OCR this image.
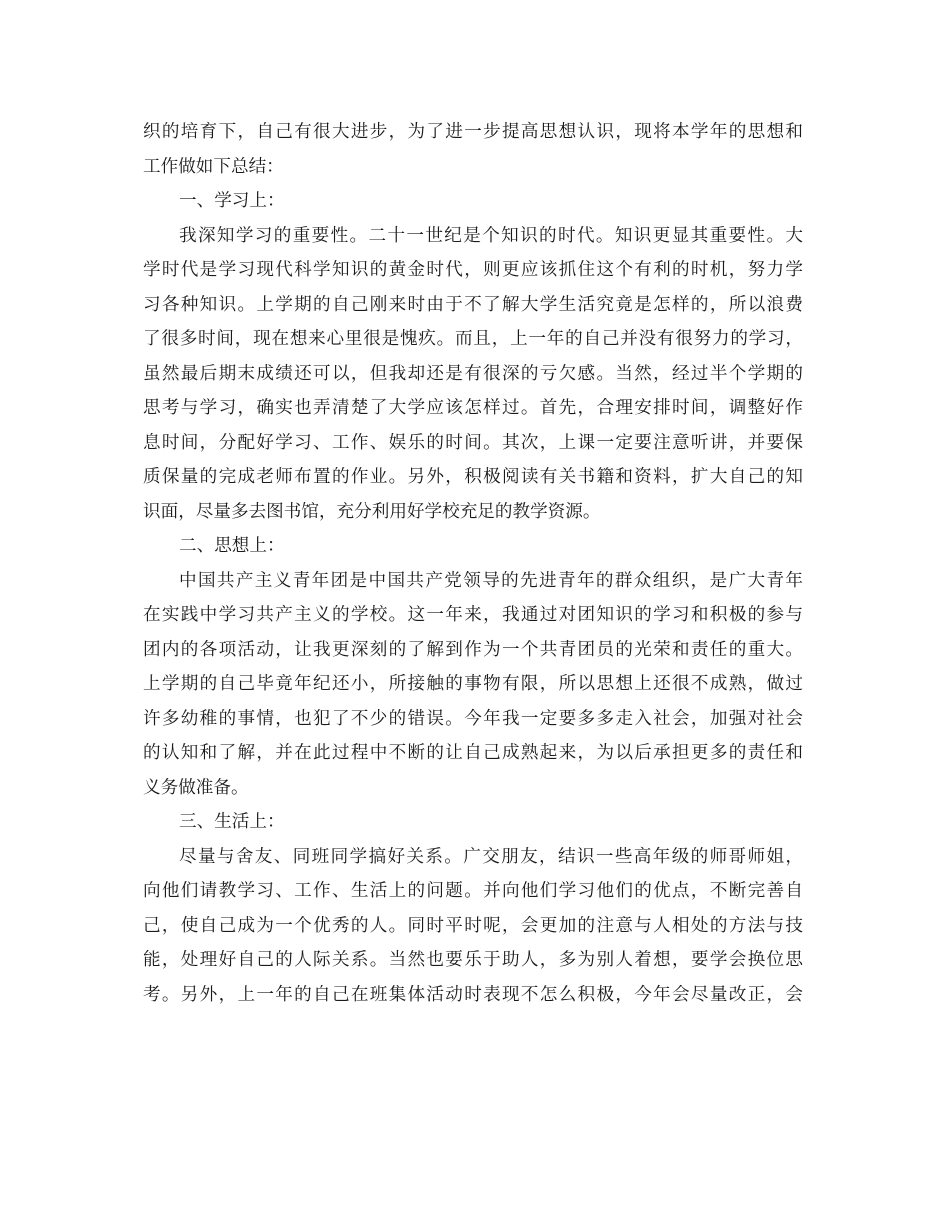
织的培育下，自己有很大进步，为了进一步提高思想认识，现将本学年的思想和
工作做如下总结：
一、学习上：
我深知学习的重要性。二十一世纪是个知识的时代。知识更显其重要性。大
学时代是学习现代科学知识的黄金时代，则更应该抓住这个有利的时机，努力学
习各种知识。上学期的自己刚来时由于不了解大学生活究竟是怎样的，所以浪费
了很多时间，现在想来心里很是愧疚。而且，上一年的自己并没有很努力的学习，
虽然最后期末成绩还可以，但我却还是有很深的亏欠感。当然，经过半个学期的
思考与学习，确实也弄清楚了大学应该怎样过。首先，合理安排时间，调整好作
息时间，分配好学习、工作、娱乐的时间。其次，上课一定要注意听讲，并要保
质保量的完成老师布置的作业。另外，积极阅读有关书籍和资料，扩大自己的知
识面，尽量多去图书馆，充分利用好学校充足的教学资源。
二、思想上：
中国共产主义青年团是中国共产党领导的先进青年的群众组织，是广大青年
在实践中学习共产主义的学校。这一年来，我通过对团知识的学习和积极的参与
团内的各项活动，让我更深刻的了解到作为一个共青团员的光荣和责任的重大。
上学期的自己毕竟年纪还小，所接触的事物有限，所以思想上还很不成熟，做过
许多幼稚的事情，也犯了不少的错误。今年我一定要多多走入社会，加强对社会
的认知和了解，并在此过程中不断的让自己成熟起来，为以后承担更多的责任和
义务做准备。
三、生活上：
尽量与舍友、同班同学搞好关系。广交朋友，结识一些高年级的师哥师姐，
向他们请教学习、工作、生活上的问题。并向他们学习他们的优点，不断完善自
己，使自己成为一个优秀的人。同时平时呢，会更加的注意与人相处的方法与技
能，处理好自己的人际关系。当然也要乐于助人，多为别人着想，要学会换位思
考。另外，上一年的自己在班集体活动时表现不怎么积极，今年会尽量改正，会
